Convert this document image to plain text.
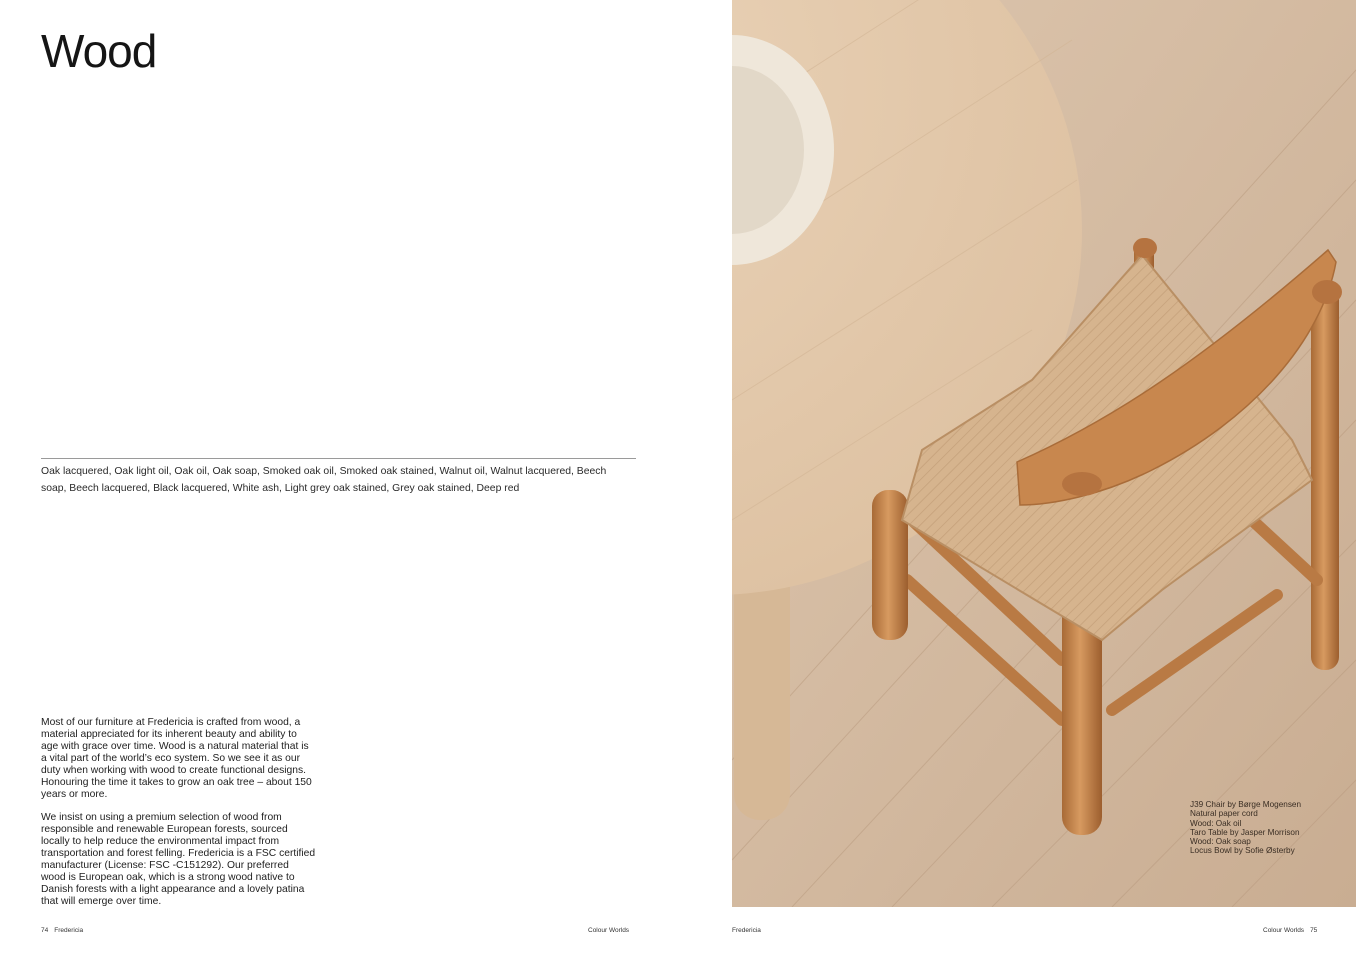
Wood

Oak lacquered, Oak light oil, Oak oil, Oak soap, Smoked oak oil, Smoked oak stained, Walnut oil, Walnut lacquered, Beech soap, Beech lacquered, Black lacquered, White ash, Light grey oak stained, Grey oak stained, Deep red

Most of our furniture at Fredericia is crafted from wood, a material appreciated for its inherent beauty and ability to age with grace over time. Wood is a natural material that is a vital part of the world’s eco system. So we see it as our duty when working with wood to create functional designs. Honouring the time it takes to grow an oak tree – about 150 years or more.

We insist on using a premium selection of wood from responsible and renewable European forests, sourced locally to help reduce the environmental impact from transportation and forest felling. Fredericia is a FSC certified manufacturer (License: FSC -C151292). Our preferred wood is European oak, which is a strong wood native to Danish forests with a light appearance and a lovely patina that will emerge over time.

74 Fredericia	Colour Worlds
J39 Chair by Børge Mogensen
Natural paper cord
Wood: Oak oil
Taro Table by Jasper Morrison
Wood: Oak soap
Locus Bowl by Sofie Østerby
Fredericia	Colour Worlds 75
